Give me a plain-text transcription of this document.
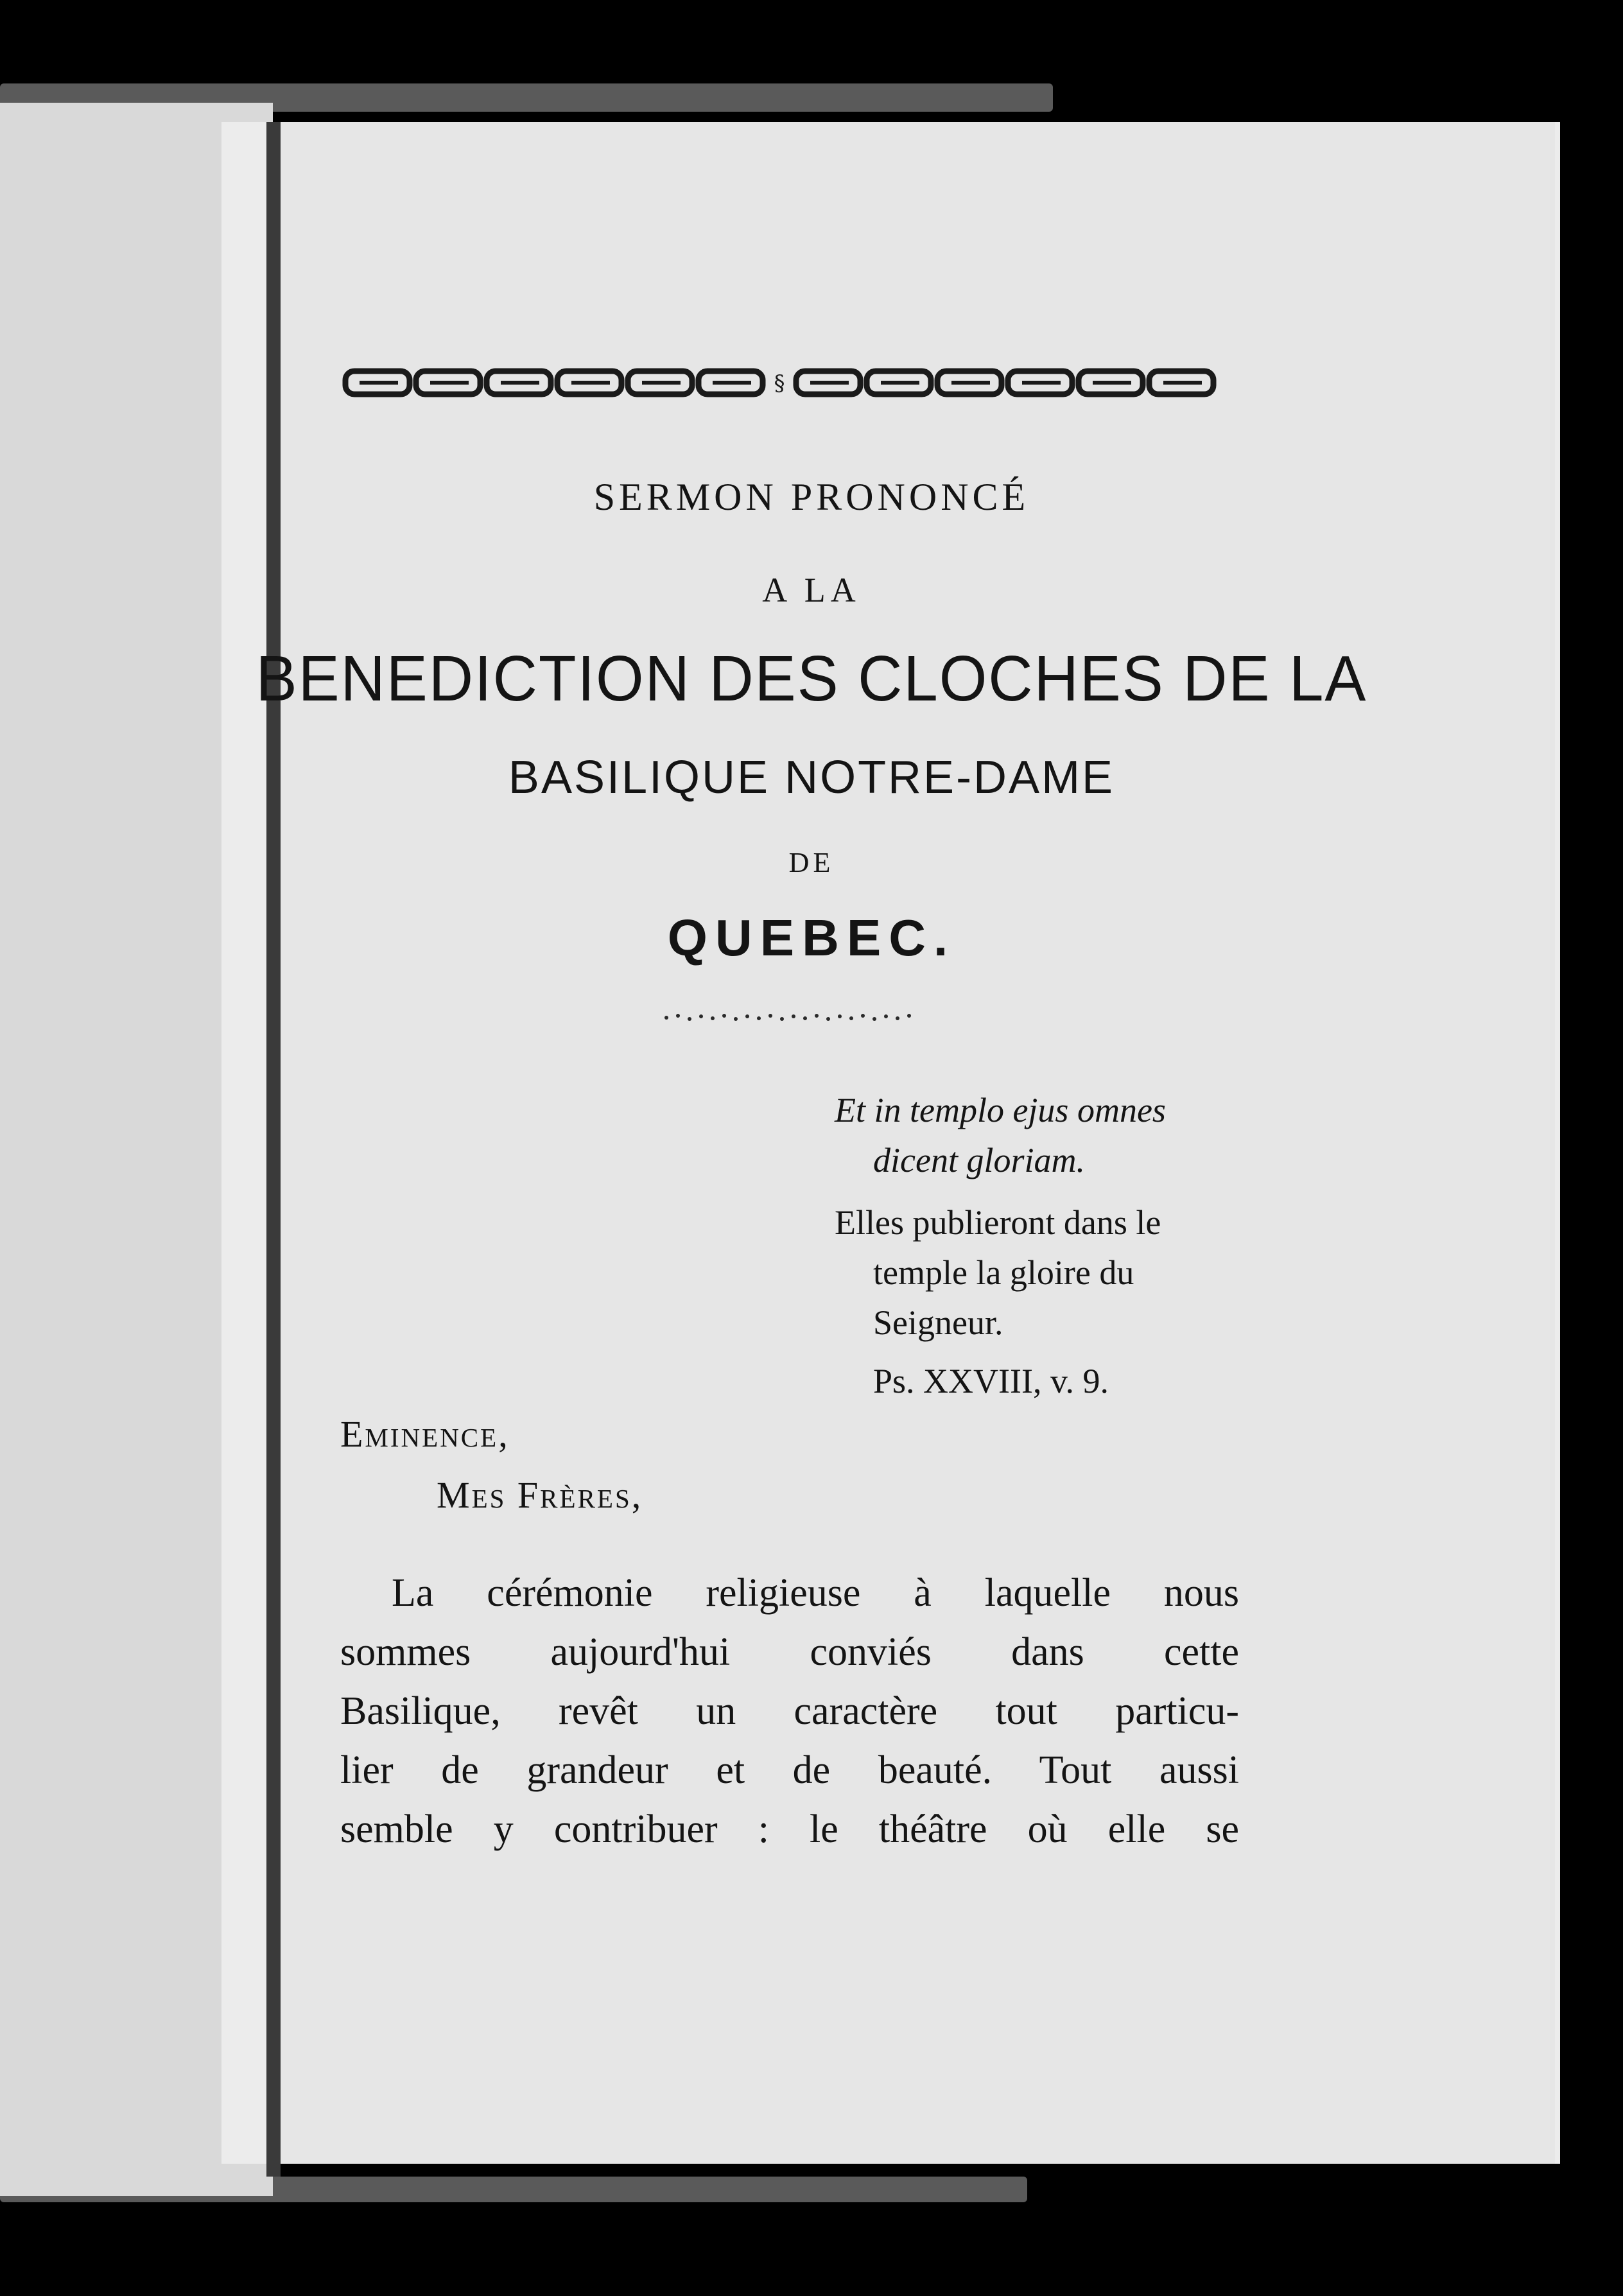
§
SERMON PRONONCÉ
A LA
BENEDICTION DES CLOCHES DE LA
BASILIQUE NOTRE-DAME
DE
QUEBEC.
Et in templo ejus omnes
dicent gloriam.
Elles publieront dans le
temple la gloire du
Seigneur.
Ps. XXVIII, v. 9.
Eminence,
Mes Frères,
La cérémonie religieuse à laquelle nous
sommes aujourd'hui conviés dans cette
Basilique, revêt un caractère tout particu-
lier de grandeur et de beauté. Tout aussi
semble y contribuer : le théâtre où elle se
